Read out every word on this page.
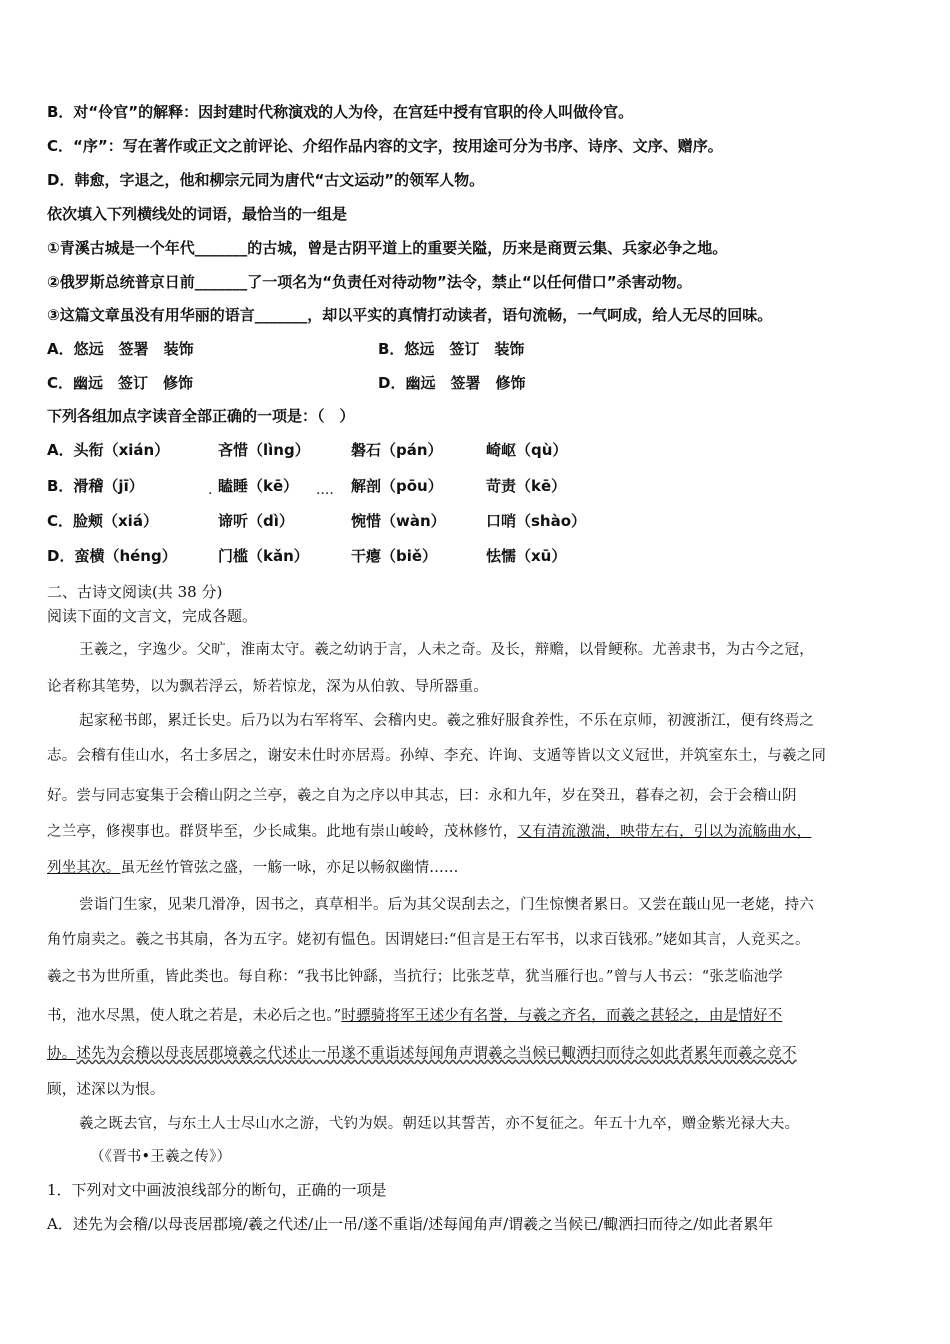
B．对“伶官”的解释：因封建时代称演戏的人为伶，在宫廷中授有官职的伶人叫做伶官。
C．“序”：写在著作或正文之前评论、介绍作品内容的文字，按用途可分为书序、诗序、文序、赠序。
D．韩愈，字退之，他和柳宗元同为唐代“古文运动”的领军人物。
依次填入下列横线处的词语，最恰当的一组是
①青溪古城是一个年代_______的古城，曾是古阴平道上的重要关隘，历来是商贾云集、兵家必争之地。
②俄罗斯总统普京日前_______了一项名为“负责任对待动物”法令，禁止“以任何借口”杀害动物。
③这篇文章虽没有用华丽的语言_______，却以平实的真情打动读者，语句流畅，一气呵成，给人无尽的回味。
A．悠远　签署　装饰	B．悠远　签订　装饰
C．幽远　签订　修饰	D．幽远　签署　修饰
下列各组加点字读音全部正确的一项是：（　）
A．头衔（xián）	吝惜（lìng）	磐石（pán）	崎岖（qù）
B．滑稽（jī）	瞌睡（kē）	解剖（pōu）	苛责（kē）
.	....
C．脸颊（xiá）	谛听（dì）	惋惜（wàn）	口哨（shào）
D．蛮横（héng）	门槛（kǎn）	干瘪（biě）	怯懦（xū）
二、古诗文阅读(共 38 分)
阅读下面的文言文，完成各题。
王羲之，字逸少。父旷，淮南太守。羲之幼讷于言，人未之奇。及长，辩赡，以骨鲠称。尤善隶书，为古今之冠，
论者称其笔势，以为飘若浮云，矫若惊龙，深为从伯敦、导所器重。
起家秘书郎，累迁长史。后乃以为右军将军、会稽内史。羲之雅好服食养性，不乐在京师，初渡浙江，便有终焉之
志。会稽有佳山水，名士多居之，谢安未仕时亦居焉。孙绰、李充、许询、支遁等皆以文义冠世，并筑室东土，与羲之同
好。尝与同志宴集于会稽山阴之兰亭，羲之自为之序以申其志，曰：永和九年，岁在癸丑，暮春之初，会于会稽山阴
之兰亭，修禊事也。群贤毕至，少长咸集。此地有崇山峻岭，茂林修竹，又有清流激湍，映带左右，引以为流觞曲水，
列坐其次。虽无丝竹管弦之盛，一觞一咏，亦足以畅叙幽情……
尝诣门生家，见棐几滑净，因书之，真草相半。后为其父误刮去之，门生惊懊者累日。又尝在蕺山见一老姥，持六
角竹扇卖之。羲之书其扇，各为五字。姥初有愠色。因谓姥曰:“但言是王右军书，以求百钱邪。”姥如其言，人竞买之。
羲之书为世所重，皆此类也。每自称：“我书比钟繇，当抗行；比张芝草，犹当雁行也。”曾与人书云：“张芝临池学
书，池水尽黑，使人耽之若是，未必后之也。”时骠骑将军王述少有名誉，与羲之齐名，而羲之甚轻之，由是情好不
协。述先为会稽以母丧居郡境羲之代述止一吊遂不重诣述每闻角声谓羲之当候已輙洒扫而待之如此者累年而羲之竞不
顾，述深以为恨。
羲之既去官，与东土人士尽山水之游，弋钓为娱。朝廷以其誓苦，亦不复征之。年五十九卒，赠金紫光禄大夫。
（《晋书•王羲之传》）
1．下列对文中画波浪线部分的断句，正确的一项是
A．述先为会稽/以母丧居郡境/羲之代述/止一吊/遂不重诣/述每闻角声/谓羲之当候已/輙洒扫而待之/如此者累年
